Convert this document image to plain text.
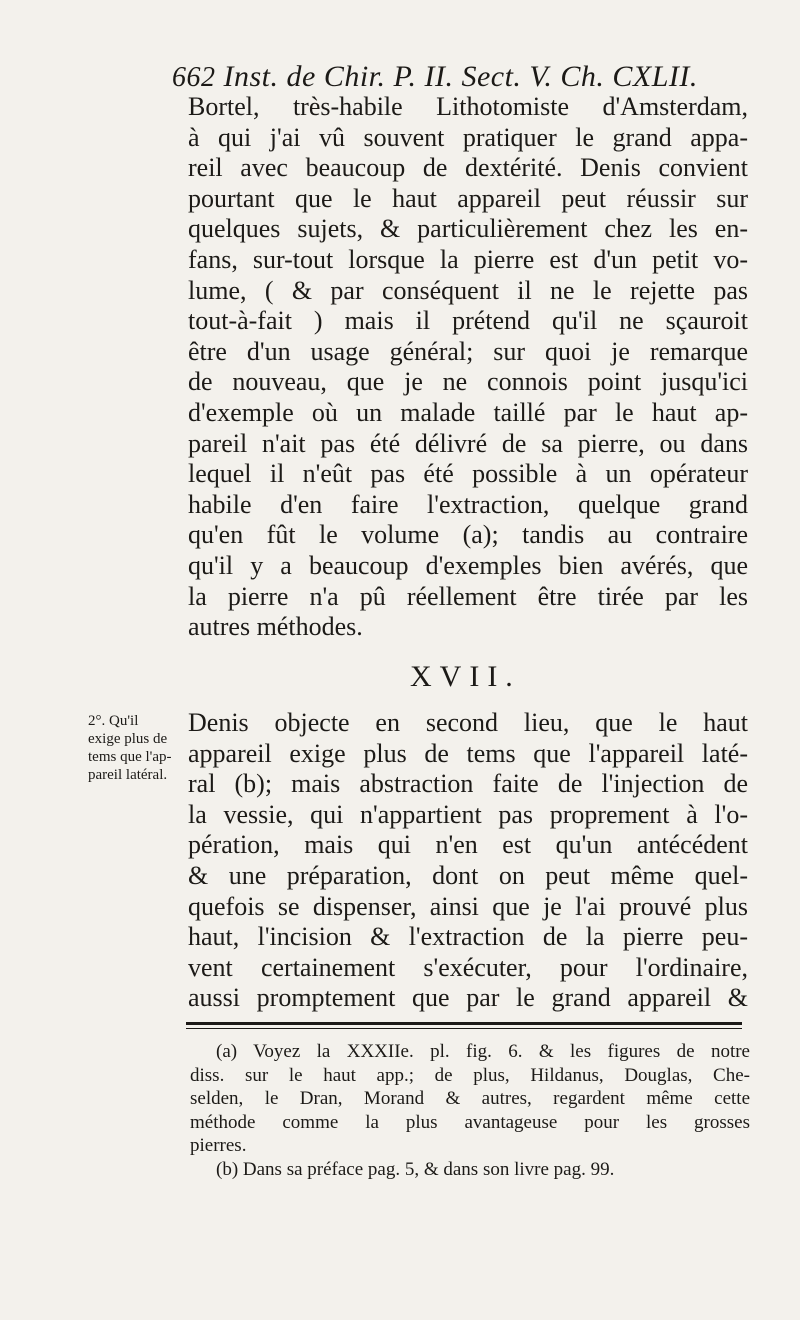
662 Inst. de Chir. P. II. Sect. V. Ch. CXLII.
Bortel, très-habile Lithotomiste d'Amsterdam,
à qui j'ai vû souvent pratiquer le grand appa-
reil avec beaucoup de dextérité. Denis convient
pourtant que le haut appareil peut réussir sur
quelques sujets, & particulièrement chez les en-
fans, sur-tout lorsque la pierre est d'un petit vo-
lume, ( & par conséquent il ne le rejette pas
tout-à-fait ) mais il prétend qu'il ne sçauroit
être d'un usage général; sur quoi je remarque
de nouveau, que je ne connois point jusqu'ici
d'exemple où un malade taillé par le haut ap-
pareil n'ait pas été délivré de sa pierre, ou dans
lequel il n'eût pas été possible à un opérateur
habile d'en faire l'extraction, quelque grand
qu'en fût le volume (a); tandis au contraire
qu'il y a beaucoup d'exemples bien avérés, que
la pierre n'a pû réellement être tirée par les
autres méthodes.
XVII.
2°. Qu'il
exige plus de
tems que l'ap-
pareil latéral.
Denis objecte en second lieu, que le haut
appareil exige plus de tems que l'appareil laté-
ral (b); mais abstraction faite de l'injection de
la vessie, qui n'appartient pas proprement à l'o-
pération, mais qui n'en est qu'un antécédent
& une préparation, dont on peut même quel-
quefois se dispenser, ainsi que je l'ai prouvé plus
haut, l'incision & l'extraction de la pierre peu-
vent certainement s'exécuter, pour l'ordinaire,
aussi promptement que par le grand appareil &
(a) Voyez la XXXIIe. pl. fig. 6. & les figures de notre
diss. sur le haut app.; de plus, Hildanus, Douglas, Che-
selden, le Dran, Morand & autres, regardent même cette
méthode comme la plus avantageuse pour les grosses
pierres.
(b) Dans sa préface pag. 5, & dans son livre pag. 99.
